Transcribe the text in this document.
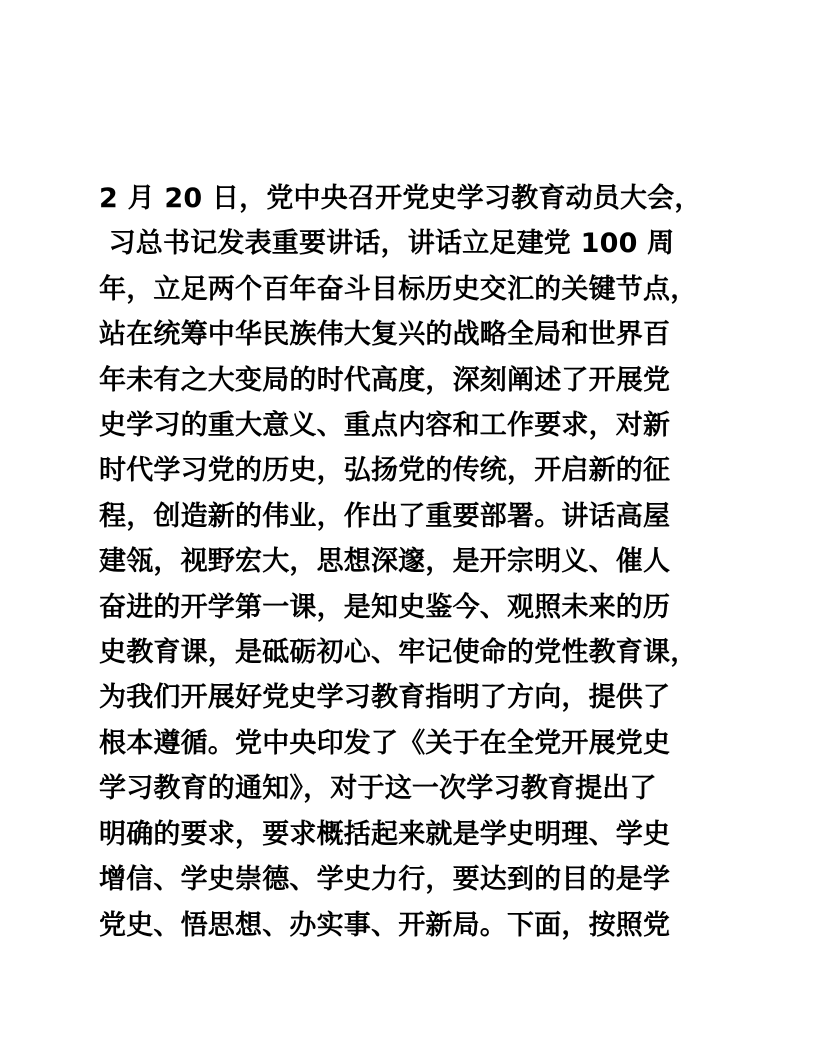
2 月 20 日，党中央召开党史学习教育动员大会，
习总书记发表重要讲话，讲话立足建党 100 周
年，立足两个百年奋斗目标历史交汇的关键节点，
站在统筹中华民族伟大复兴的战略全局和世界百
年未有之大变局的时代高度，深刻阐述了开展党
史学习的重大意义、重点内容和工作要求，对新
时代学习党的历史，弘扬党的传统，开启新的征
程，创造新的伟业，作出了重要部署。讲话高屋
建瓴，视野宏大，思想深邃，是开宗明义、催人
奋进的开学第一课，是知史鉴今、观照未来的历
史教育课，是砥砺初心、牢记使命的党性教育课，
为我们开展好党史学习教育指明了方向，提供了
根本遵循。党中央印发了《关于在全党开展党史
学习教育的通知》，对于这一次学习教育提出了
明确的要求，要求概括起来就是学史明理、学史
增信、学史崇德、学史力行，要达到的目的是学
党史、悟思想、办实事、开新局。下面，按照党
